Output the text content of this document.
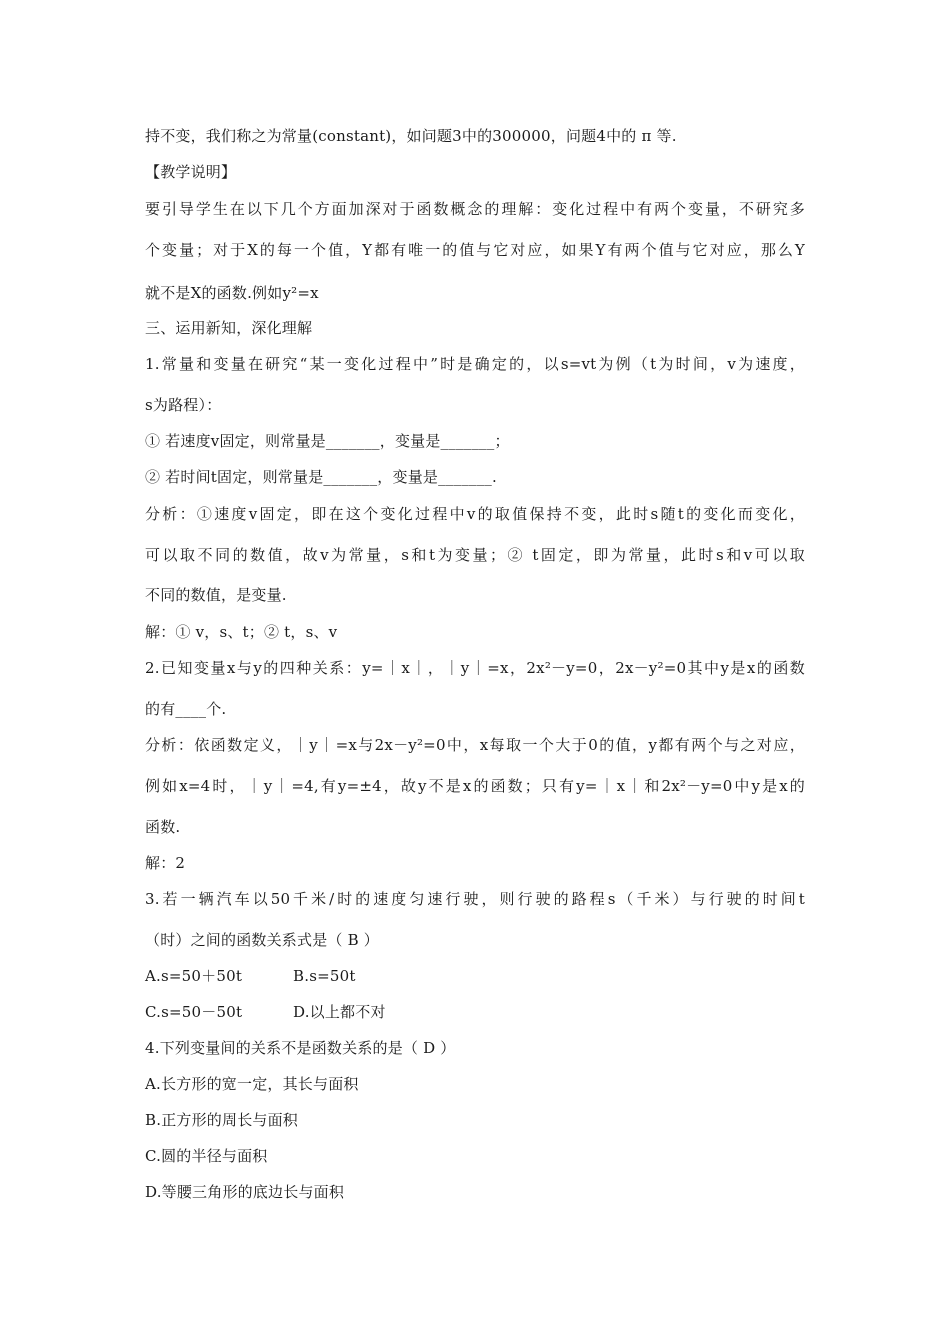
持不变，我们称之为常量(constant)，如问题3中的300000，问题4中的 π 等.
【教学说明】
要引导学生在以下几个方面加深对于函数概念的理解：变化过程中有两个变量，不研究多
个变量；对于X的每一个值，Y都有唯一的值与它对应，如果Y有两个值与它对应，那么Y
就不是X的函数.例如y²=x
三、运用新知，深化理解
1.常量和变量在研究“某一变化过程中”时是确定的，以s=vt为例（t为时间，v为速度，
s为路程）：
① 若速度v固定，则常量是_______，变量是_______；
② 若时间t固定，则常量是_______，变量是_______.
分析：①速度v固定，即在这个变化过程中v的取值保持不变，此时s随t的变化而变化，
可以取不同的数值，故v为常量，s和t为变量；② t固定，即为常量，此时s和v可以取
不同的数值，是变量.
解：① v，s、t；② t，s、v
2.已知变量x与y的四种关系：y=｜x｜，｜y｜=x，2x²－y=0，2x－y²=0其中y是x的函数
的有____个.
分析：依函数定义，｜y｜=x与2x－y²=0中，x每取一个大于0的值，y都有两个与之对应，
例如x=4时，｜y｜=4,有y=±4，故y不是x的函数；只有y=｜x｜和2x²－y=0中y是x的
函数.
解：2
3.若一辆汽车以50千米/时的速度匀速行驶，则行驶的路程s（千米）与行驶的时间t
（时）之间的函数关系式是（ B ）
A.s=50＋50t	B.s=50t
C.s=50－50t	D.以上都不对
4.下列变量间的关系不是函数关系的是（ D ）
A.长方形的宽一定，其长与面积
B.正方形的周长与面积
C.圆的半径与面积
D.等腰三角形的底边长与面积
